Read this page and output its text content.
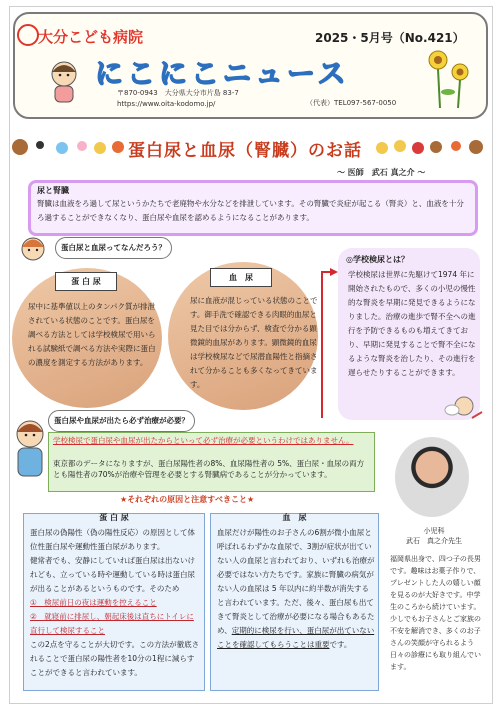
大分こども病院	2025・5月号（No.421）
にこにこニュース
〒870-0943　大分県大分市片島 83-7
https://www.oita-kodomo.jp/	（代表）TEL097-567-0050
蛋白尿と血尿（腎臓）のお話
～ 医師　武石 真之介 ～
尿と腎臓
腎臓は血液をろ過して尿というかたちで老廃物や水分などを排泄しています。その腎臓で炎症が起こる（腎炎）と、血液を十分ろ過することができなくなり、蛋白尿や血尿を認めるようになることがあります。
蛋白尿と血尿ってなんだろう？
蛋 白 尿
尿中に基準値以上のタンパク質が排泄されている状態のことです。蛋白尿を調べる方法としては学校検尿で用いられる試験紙で調べる方法や実際に蛋白の濃度を測定する方法があります。
血　尿
尿に血液が混じっている状態のことです。御手洗で確認できる肉眼的血尿と見た目では分からず、検査で分かる顕微鏡的血尿があります。顕微鏡的血尿は学校検尿などで尿潜血陽性と指摘されて分かることも多くなってきています。
◎学校検尿とは？
学校検尿は世界に先駆けて1974 年に開始されたもので、多くの小児の慢性的な腎炎を早期に発見できるようになりました。治療の進歩で腎不全への進行を予防できるものも増えてきており、早期に発見することで腎不全になるような腎炎を治したり、その進行を遅らせたりすることができます。
蛋白尿や血尿が出たら必ず治療が必要？
学校検尿で蛋白尿や血尿が出たからといって必ず治療が必要というわけではありません。
東京都のデータになりますが、蛋白尿陽性者の8%、血尿陽性者の 5%、蛋白尿・血尿の両方とも陽性者の70%が治療や管理を必要とする腎臓病であることが分かっています。
小児科
武石　真之介先生
福岡県出身で、四つ子の長男です。趣味はお菓子作りで、プレゼントした人の嬉しい顔を見るのが大好きです。中学生のころから続けています。少しでもお子さんとご家族の不安を解消でき、多くのお子さんの笑顔が守られるよう日々の診療にも取り組んでいます。
★それぞれの原因と注意すべきこと★
蛋 白 尿
蛋白尿の偽陽性（偽の陽性反応）の原因として体位性蛋白尿や運動性蛋白尿があります。
健常者でも、安静にしていれば蛋白尿は出ないけれども、立っている時や運動している時は蛋白尿が出ることがあるというものです。そのため
①　検尿前日の夜は運動を控えること
②　就寝前に排尿し、朝起床後は直ちにトイレに直行して検尿すること
この2点を守ることが大切です。この方法が徹底されることで蛋白尿の陽性者を10分の1程に減らすことができると言われています。
血　尿
血尿だけが陽性のお子さんの6割が微小血尿と呼ばれるわずかな血尿で、3割が症状が出ていない人の血尿と言われており、いずれも治療が必要ではない方たちです。家族に腎臓の病気がない人の血尿は 5 年以内に約半数が消失すると言われています。ただ、後々、蛋白尿も出てきて腎炎として治療が必要になる場合もあるため、定期的に検尿を行い、蛋白尿が出ていないことを確認してもらうことは重要です。
